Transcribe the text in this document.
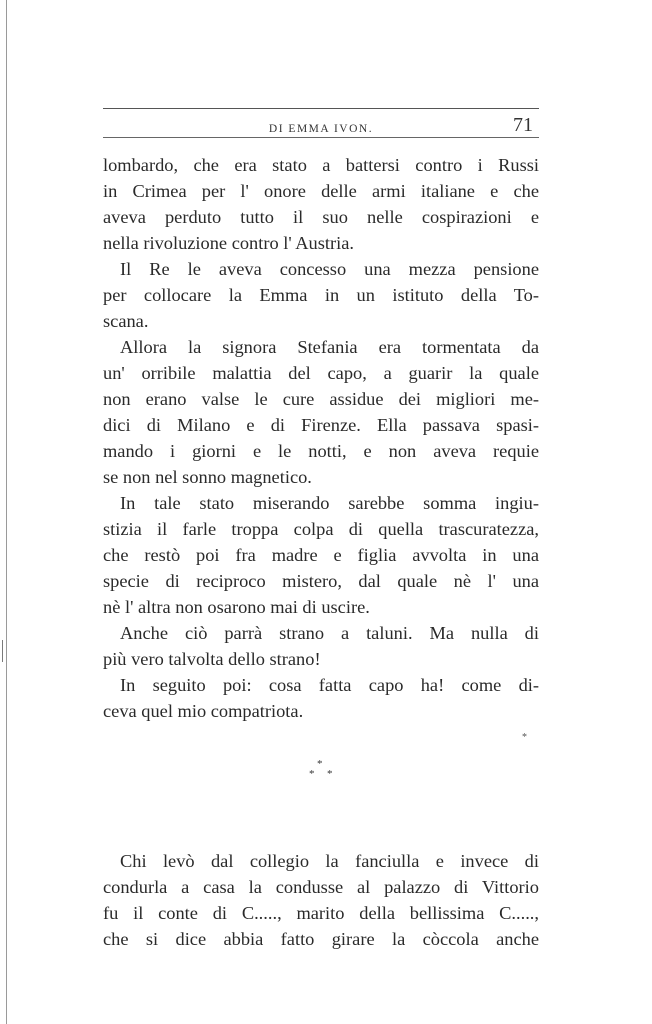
DI EMMA IVON.	71

lombardo, che era stato a battersi contro i Russi
in Crimea per l' onore delle armi italiane e che
aveva perduto tutto il suo nelle cospirazioni e
nella rivoluzione contro l' Austria.

Il Re le aveva concesso una mezza pensione
per collocare la Emma in un istituto della To-
scana.

Allora la signora Stefania era tormentata da
un' orribile malattia del capo, a guarir la quale
non erano valse le cure assidue dei migliori me-
dici di Milano e di Firenze. Ella passava spasi-
mando i giorni e le notti, e non aveva requie
se non nel sonno magnetico.

In tale stato miserando sarebbe somma ingiu-
stizia il farle troppa colpa di quella trascuratezza,
che restò poi fra madre e figlia avvolta in una
specie di reciproco mistero, dal quale nè l' una
nè l' altra non osarono mai di uscire.

Anche ciò parrà strano a taluni. Ma nulla di
più vero talvolta dello strano!

In seguito poi: cosa fatta capo ha! come di-
ceva quel mio compatriota.

*
*
* *

Chi levò dal collegio la fanciulla e invece di
condurla a casa la condusse al palazzo di Vittorio
fu il conte di C....., marito della bellissima C.....,
che si dice abbia fatto girare la còccola anche
